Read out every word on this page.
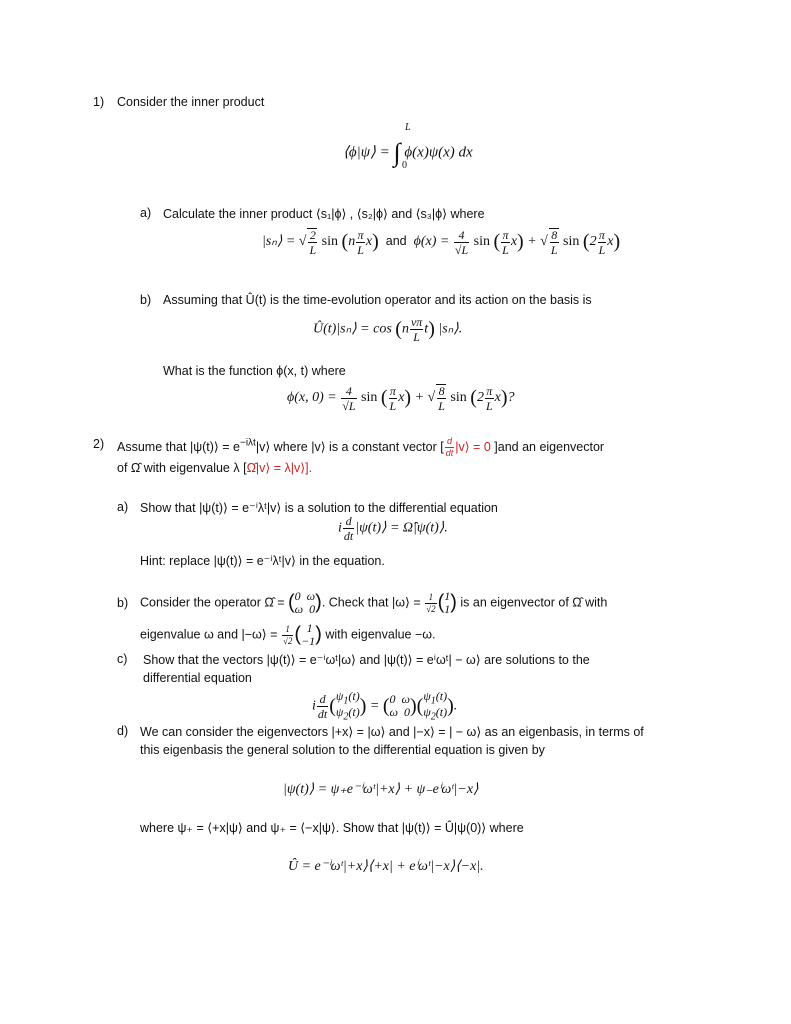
1) Consider the inner product
⟨ϕ|ψ⟩ = ∫ ϕ(x)ψ(x) dx
L
0
a) Calculate the inner product ⟨s₁|ϕ⟩ , ⟨s₂|ϕ⟩ and ⟨s₃|ϕ⟩ where
|sₙ⟩ = √ $\frac{2}{L}$ $\sin (n \frac{\pi}{L} x)$ and $\phi(x) = \frac{4}{√L}$ sin ( $\frac{\pi}{L} x$) + √ $\frac{8}{L}$ $\sin (2 \frac{\pi}{L} x)$
b) Assuming that Û(t) is the time-evolution operator and its action on the basis is
Û(t)|sₙ⟩ = $\cos (n \frac{\nu\pi}{L} t)$ |sₙ⟩.
What is the function ϕ(x, t) where
ϕ(x, $0) = \frac{4}{√L}$ sin ( $\frac{\pi}{L} x$) + √ $\frac{8}{L}$ $\sin (2 \frac{\pi}{L} x)$?
2) Assume that |ψ(t)⟩ = $e^{-i\lambda t}|v⟩$ where |v⟩ is a constant vector [ $\frac{d}{dt}$ |v⟩ = 0 ]and an eigenvector
of Ω̂ with eigenvalue λ [Ω̂|v⟩ = λ|v⟩].
a) Show that |ψ(t)⟩ = e⁻ⁱλᵗ|v⟩ is a solution to the differential equation
i $\frac{d}{dt}$ |ψ(t)⟩ = Ω̂|ψ(t)⟩.
Hint: replace |ψ(t)⟩ = e⁻ⁱλᵗ|v⟩ in the equation.
b) Consider the operator Ω̂ = (0  ω
ω  0). Check that |ω⟩ = $\frac{1}{√2} (1$
1) is an eigenvector of Ω̂ with
eigenvalue ω and |−ω⟩ = $\frac{1}{√2}$ ( 1
−1) with eigenvalue −ω.
c) Show that the vectors |ψ(t)⟩ = e⁻ⁱωᵗ|ω⟩ and |ψ(t)⟩ = eⁱωᵗ| − ω⟩ are solutions to the
differential equation
i $\frac{d}{dt} (\psi_1(t)$
$\psi_2(t)) = (0$  ω
ω  $0)(\psi_1(t)$
$\psi_2(t)$).
d) We can consider the eigenvectors |+x⟩ = |ω⟩ and |−x⟩ = | − ω⟩ as an eigenbasis, in terms of
this eigenbasis the general solution to the differential equation is given by
|ψ(t)⟩ = ψ₊e⁻ⁱωᵗ|+x⟩ + ψ₋eⁱωᵗ|−x⟩
where ψ₊ = ⟨+x|ψ⟩ and ψ₊ = ⟨−x|ψ⟩. Show that |ψ(t)⟩ = Û|ψ(0)⟩ where
Û = e⁻ⁱωᵗ|+x⟩⟨+x| + eⁱωᵗ|−x⟩⟨−x|.
